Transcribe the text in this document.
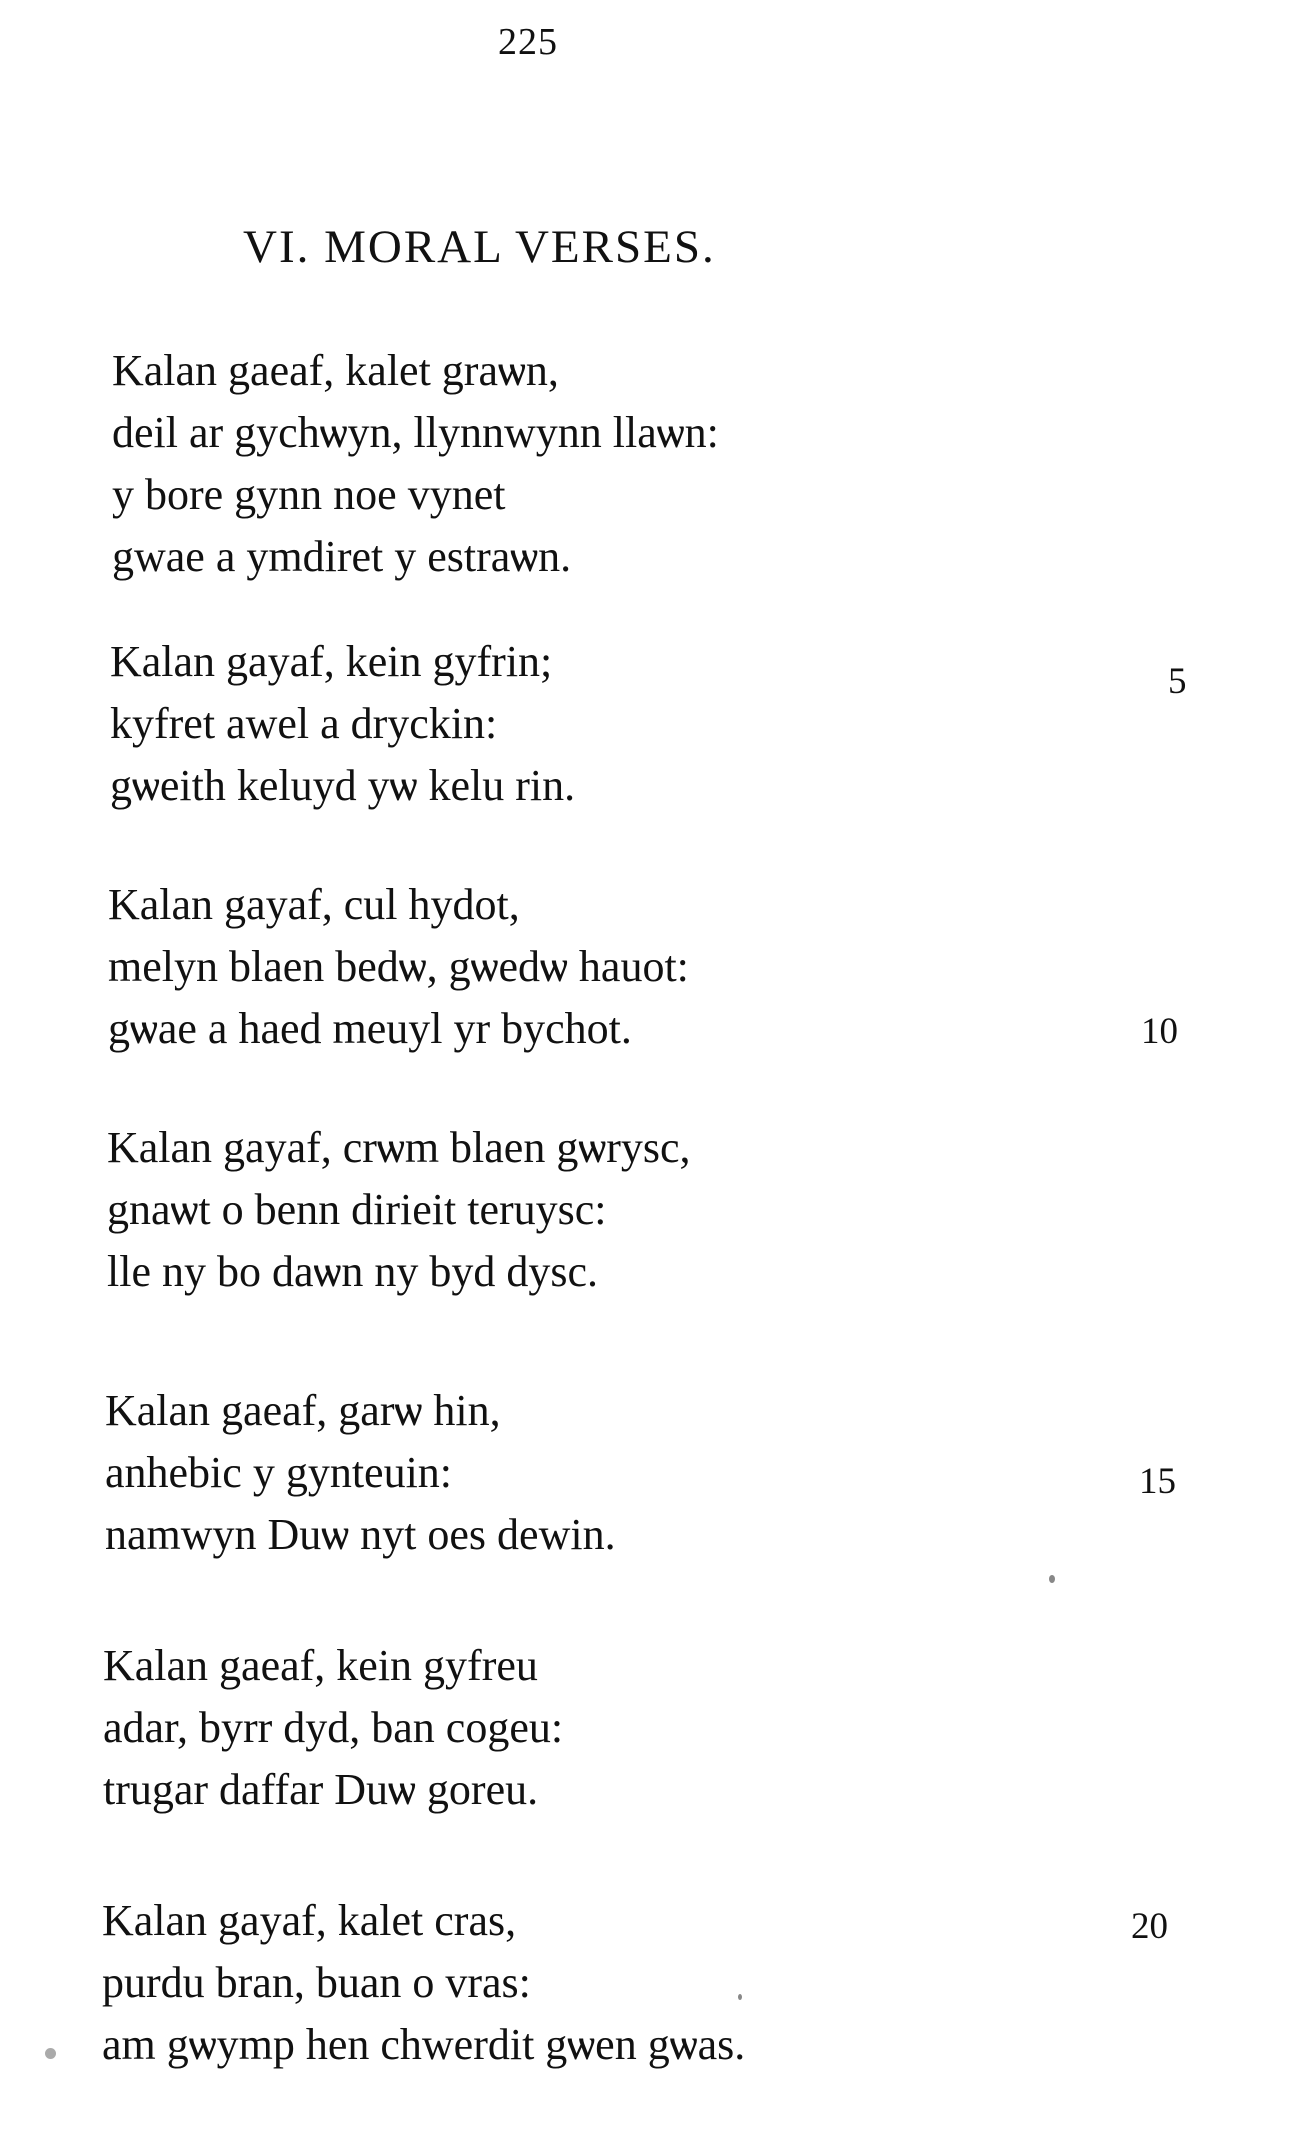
225
VI. MORAL VERSES.
Kalan gaeaf, kalet graѡn,
deil ar gychѡyn, llynnwynn llaѡn:
y bore gynn noe vynet
gwae a ymdiret y estraѡn.
Kalan gayaf, kein gyfrin;
kyfret awel a dryckin:
gѡeith keluyd yѡ kelu rin.
Kalan gayaf, cul hydot,
melyn blaen bedѡ, gѡedѡ hauot:
gѡae a haed meuyl yr bychot.
Kalan gayaf, crѡm blaen gѡrysc,
gnaѡt o benn dirieit teruysc:
lle ny bo daѡn ny byd dysc.
Kalan gaeaf, garѡ hin,
anhebic y gynteuin:
namwyn Duѡ nyt oes dewin.
Kalan gaeaf, kein gyfreu
adar, byrr dyd, ban cogeu:
trugar daffar Duѡ goreu.
Kalan gayaf, kalet cras,
purdu bran, buan o vras:
am gѡymp hen chwerdit gѡen gѡas.
5
10
15
20
